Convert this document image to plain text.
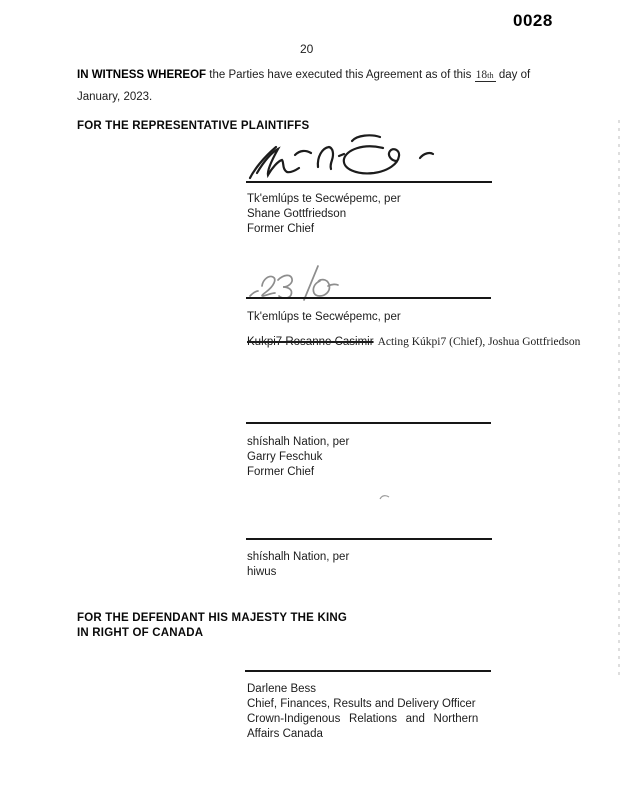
0028
20
IN WITNESS WHEREOF the Parties have executed this Agreement as of this 18th day of
January, 2023.
FOR THE REPRESENTATIVE PLAINTIFFS
Tk'emlúps te Secwépemc, per
Shane Gottfriedson
Former Chief
Tk'emlúps te Secwépemc, per
Kukpi7 Rosanne Casimir Acting Kúkpi7 (Chief), Joshua Gottfriedson
shíshalh Nation, per
Garry Feschuk
Former Chief
shíshalh Nation, per
hiwus
FOR THE DEFENDANT HIS MAJESTY THE KING
IN RIGHT OF CANADA
Darlene Bess
Chief, Finances, Results and Delivery Officer
Crown-Indigenous Relations and Northern
Affairs Canada
